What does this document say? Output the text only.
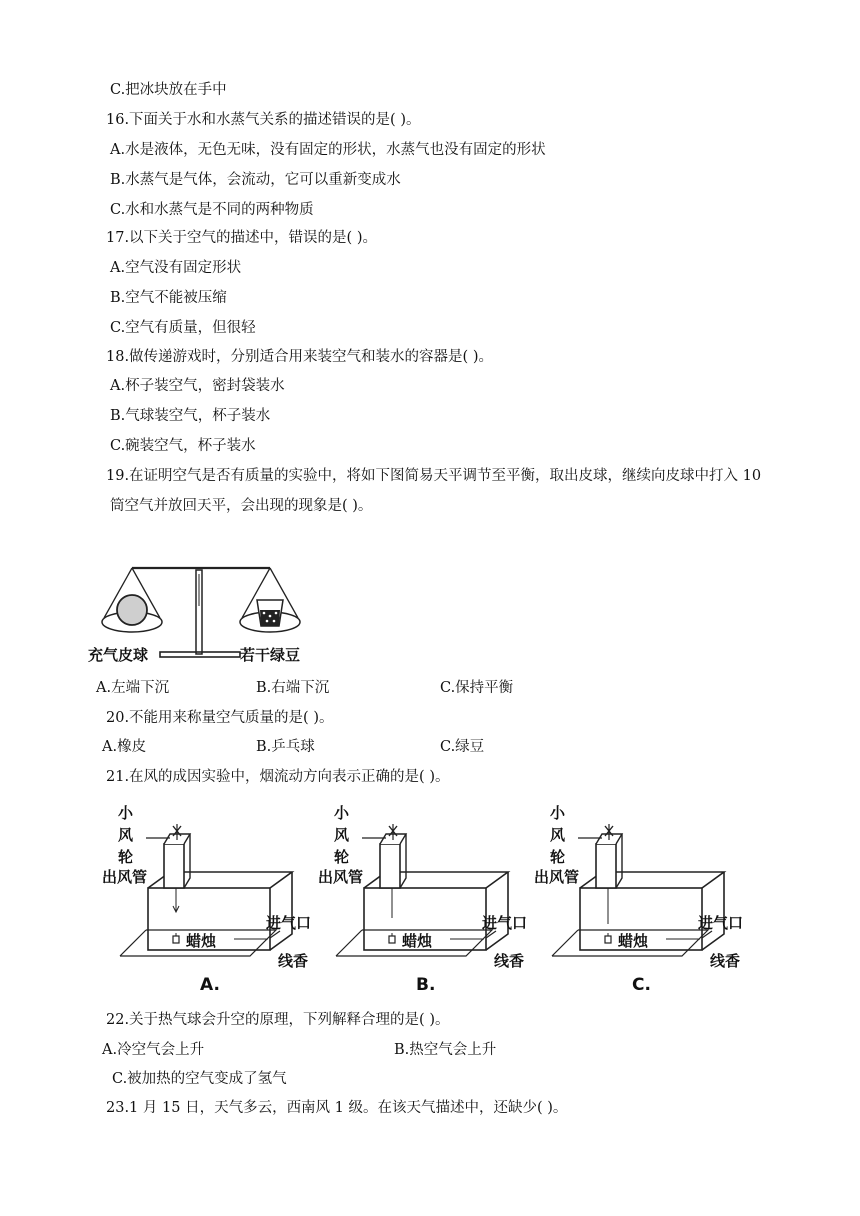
C.把冰块放在手中
16.下面关于水和水蒸气关系的描述错误的是( )。
A.水是液体，无色无味，没有固定的形状，水蒸气也没有固定的形状
B.水蒸气是气体，会流动，它可以重新变成水
C.水和水蒸气是不同的两种物质
17.以下关于空气的描述中，错误的是( )。
A.空气没有固定形状
B.空气不能被压缩
C.空气有质量，但很轻
18.做传递游戏时，分别适合用来装空气和装水的容器是( )。
A.杯子装空气，密封袋装水
B.气球装空气，杯子装水
C.碗装空气，杯子装水
19.在证明空气是否有质量的实验中，将如下图简易天平调节至平衡，取出皮球，继续向皮球中打入 10
筒空气并放回天平，会出现的现象是( )。
充气皮球	若干绿豆
A.左端下沉	B.右端下沉	C.保持平衡
20.不能用来称量空气质量的是( )。
A.橡皮	B.乒乓球	C.绿豆
21.在风的成因实验中，烟流动方向表示正确的是( )。
小
风
轮
出风管
进气口
蜡烛
线香
A.
小
风
轮
出风管
进气口
蜡烛
线香
B.
小
风
轮
出风管
进气口
蜡烛
线香
C.
22.关于热气球会升空的原理，下列解释合理的是( )。
A.冷空气会上升	B.热空气会上升
C.被加热的空气变成了氢气
23.1 月 15 日，天气多云，西南风 1 级。在该天气描述中，还缺少( )。
